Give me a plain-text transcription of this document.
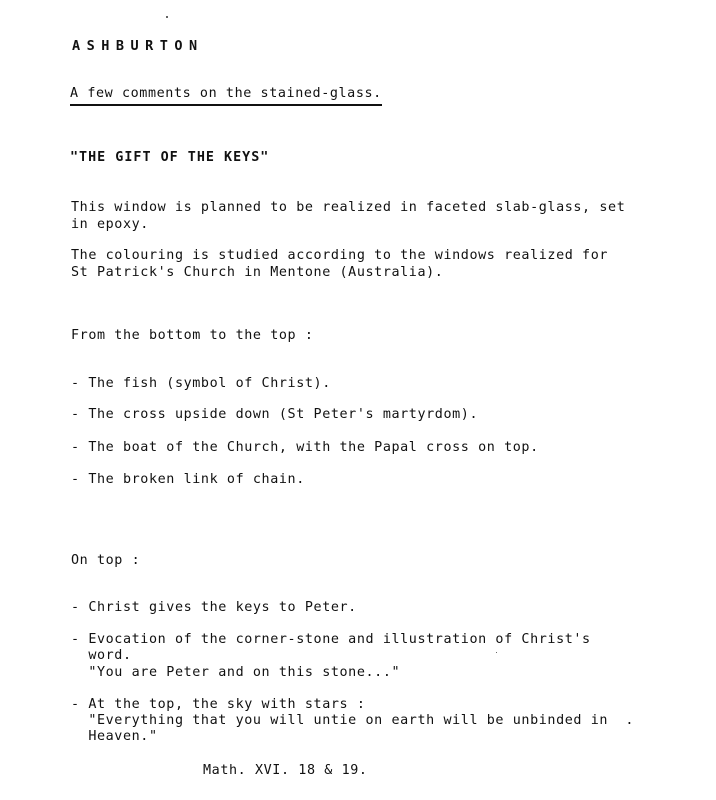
ASHBURTON
A few comments on the stained-glass.
"THE GIFT OF THE KEYS"
This window is planned to be realized in faceted slab-glass, set
in epoxy.
The colouring is studied according to the windows realized for
St Patrick's Church in Mentone (Australia).
From the bottom to the top :
- The fish (symbol of Christ).
- The cross upside down (St Peter's martyrdom).
- The boat of the Church, with the Papal cross on top.
- The broken link of chain.
On top :
- Christ gives the keys to Peter.
- Evocation of the corner-stone and illustration of Christ's
word.
"You are Peter and on this stone..."
- At the top, the sky with stars :
"Everything that you will untie on earth will be unbinded in  .
Heaven."
Math. XVI. 18 & 19.
